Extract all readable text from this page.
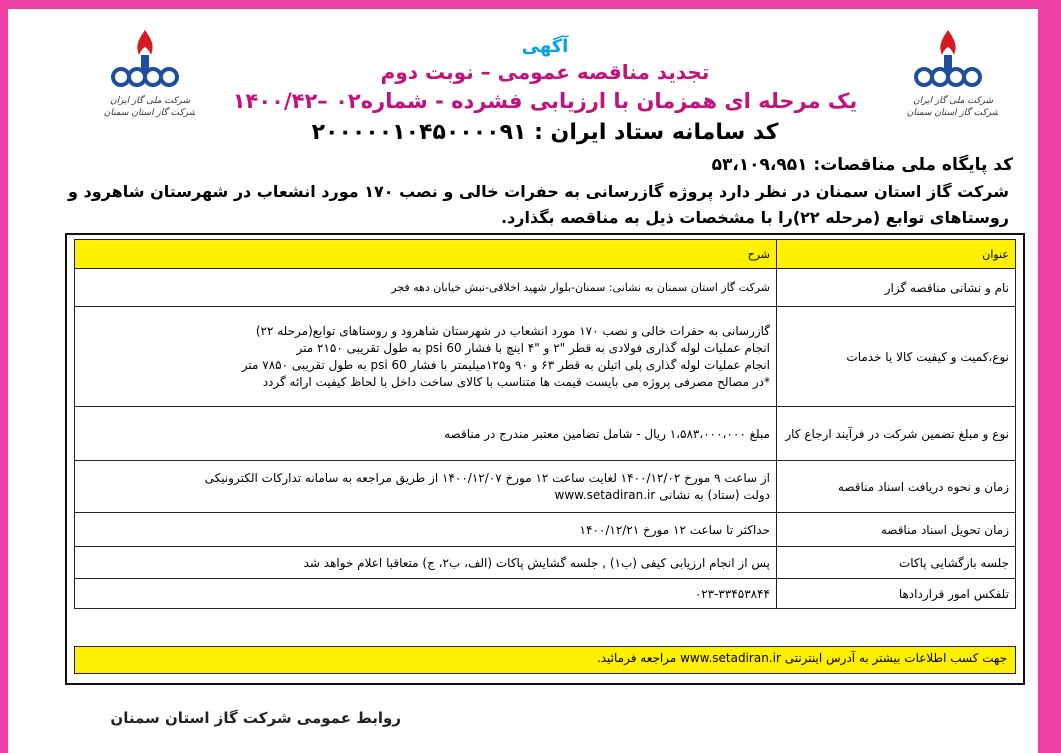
شرکت ملی گاز ایران
شرکت گاز استان سمنان
شرکت ملی گاز ایران
شرکت گاز استان سمنان
آگهی
تجدید مناقصه عمومی – نوبت دوم
یک مرحله ای همزمان با ارزیابی فشرده - شماره۰۲ –۱۴۰۰/۴۲
کد سامانه ستاد ایران : ۲۰۰۰۰۰۱۰۴۵۰۰۰۰۹۱
کد پایگاه ملی مناقصات: ۵۳،۱۰۹،۹۵۱
شرکت گاز استان سمنان در نظر دارد پروژه گازرسانی به حفرات خالی و نصب ۱۷۰ مورد انشعاب در شهرستان شاهرود و
روستاهای توابع (مرحله ۲۲)را با مشخصات ذیل به مناقصه بگذارد.
عنوان	شرح
نام و نشانی مناقصه گزار	شرکت گاز استان سمنان به نشانی: سمنان-بلوار شهید اخلاقی-نبش خیابان دهه فجر
نوع،کمیت و کیفیت کالا یا خدمات	گازرسانی به حفرات خالی و نصب ۱۷۰ مورد انشعاب در شهرستان شاهرود و روستاهای توابع(مرحله ۲۲)
انجام عملیات لوله گذاری فولادی به قطر "۲ و "۴ اینچ با فشار psi 60 به طول تقریبی ۲۱۵۰ متر
انجام عملیات لوله گذاری پلی اتیلن به قطر ۶۳ و ۹۰ و۱۲۵میلیمتر با فشار psi 60 به طول تقریبی ۷۸۵۰ متر
*در مصالح مصرفی پروژه می بایست قیمت ها متناسب با کالای ساخت داخل با لحاظ کیفیت ارائه گردد

نوع و مبلغ تضمین شرکت در فرآیند ارجاع کار	مبلغ ۱،۵۸۳،۰۰۰،۰۰۰ ریال - شامل تضامین معتبر مندرج در مناقصه
زمان و نحوه دریافت اسناد مناقصه	از ساعت ۹ مورخ ۱۴۰۰/۱۲/۰۲ لغایت ساعت ۱۲ مورخ ۱۴۰۰/۱۲/۰۷ از طریق مراجعه به سامانه تدارکات الکترونیکی
دولت (ستاد) به نشانی www.setadiran.ir

زمان تحویل اسناد مناقصه	حداکثر تا ساعت ۱۲ مورخ ۱۴۰۰/۱۲/۲۱
جلسه بازگشایی پاکات	پس از انجام ارزیابی کیفی (ب۱) , جلسه گشایش پاکات (الف، ب۲، ج) متعاقبا اعلام خواهد شد
تلفکس امور قراردادها	۰۲۳-۳۳۴۵۳۸۴۴
جهت کسب اطلاعات بیشتر به آدرس اینترنتی www.setadiran.ir مراجعه فرمائید.
روابط عمومی شرکت گاز استان سمنان
